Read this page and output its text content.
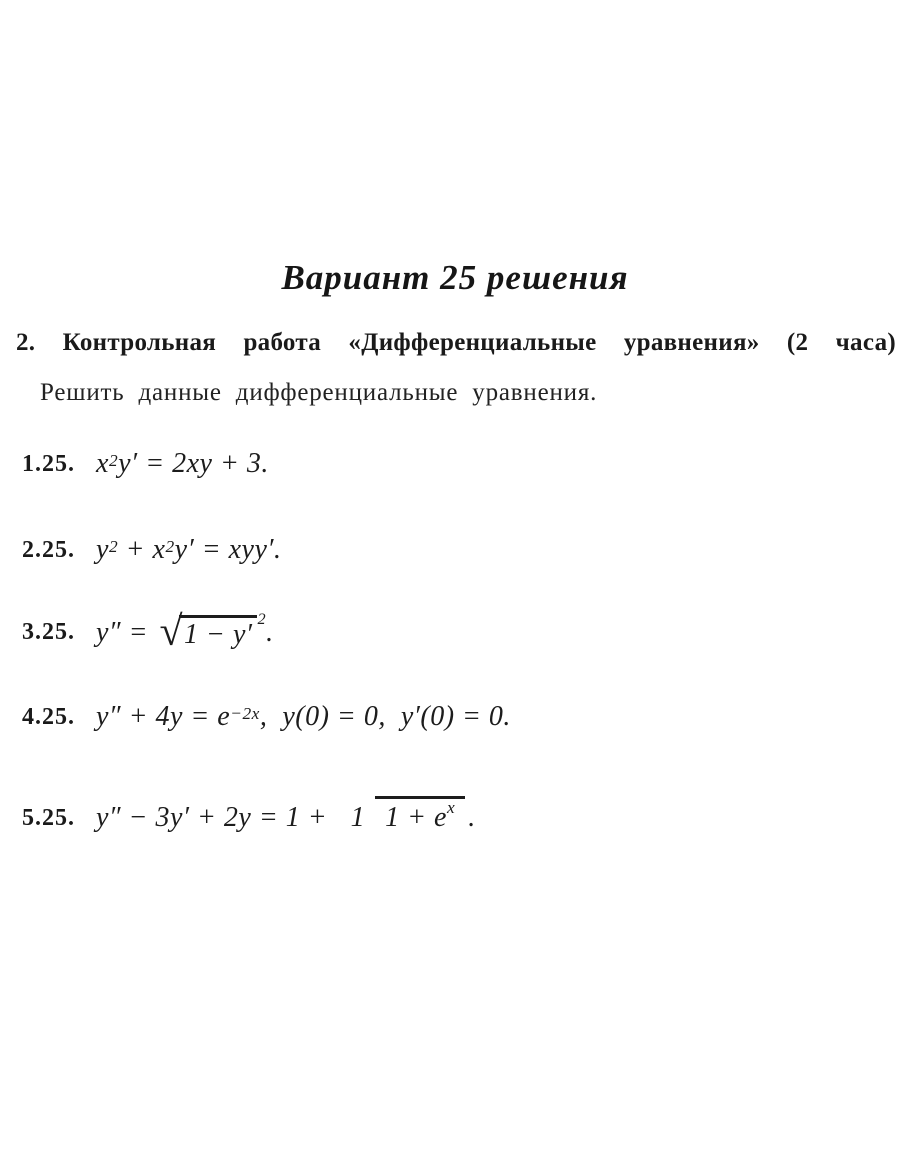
Вариант 25 решения
2. Контрольная работа «Дифференциальные уравнения» (2 часа)
Решить данные дифференциальные уравнения.
1.25. $x^2$ y′ = 2xy + 3.
2.25. $y^2 + x^2$ y′ = xyy′.
3.25. y″ = √ 1 − y′
2 .
4.25. $y'' + 4y = e^{-2x}$ ,  y(0) = 0,  y′(0) = 0.
5.25. y″ − 3y′ + 2y = 1 + 1 $1 + e^x$ .
